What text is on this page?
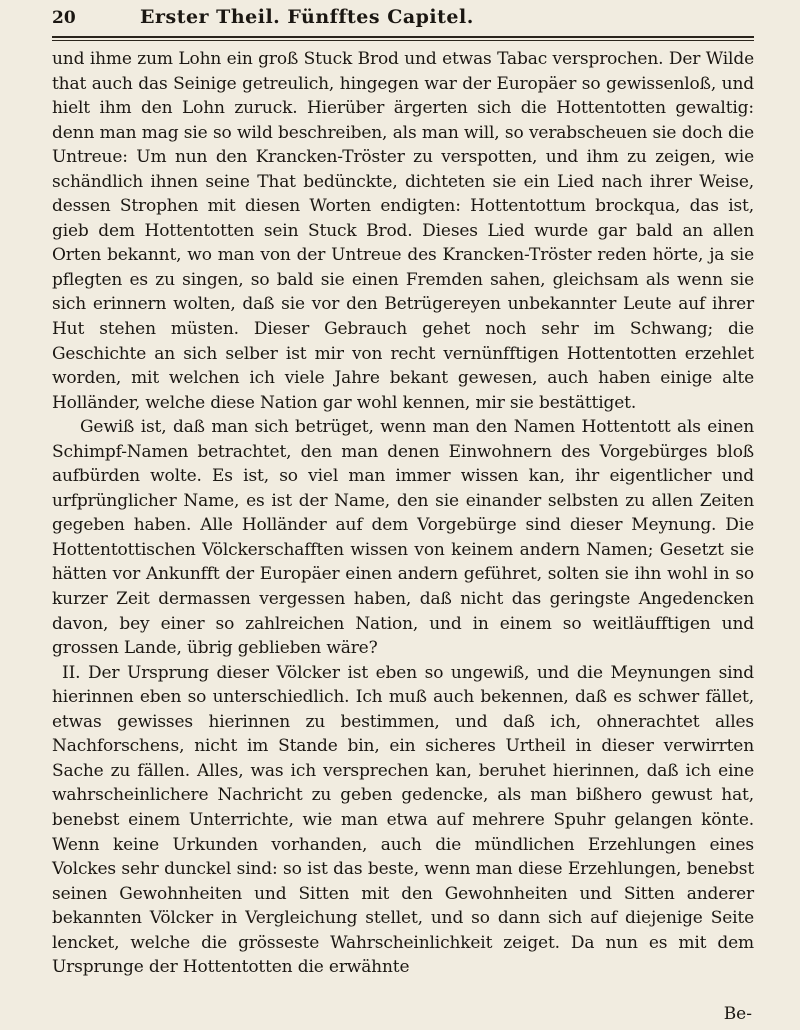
20	Erster Theil. Fünfftes Capitel.

und ihme zum Lohn ein groß Stuck Brod und etwas Tabac versprochen. Der Wilde that auch das Seinige getreulich, hingegen war der Europäer so gewissenloß, und hielt ihm den Lohn zuruck. Hierüber ärgerten sich die Hottentotten gewaltig: denn man mag sie so wild beschreiben, als man will, so verabscheuen sie doch die Untreue: Um nun den Krancken-Tröster zu verspotten, und ihm zu zeigen, wie schändlich ihnen seine That bedünckte, dichteten sie ein Lied nach ihrer Weise, dessen Strophen mit diesen Worten endigten: Hottentottum brockqua, das ist, gieb dem Hottentotten sein Stuck Brod. Dieses Lied wurde gar bald an allen Orten bekannt, wo man von der Untreue des Krancken-Tröster reden hörte, ja sie pflegten es zu singen, so bald sie einen Fremden sahen, gleichsam als wenn sie sich erinnern wolten, daß sie vor den Betrügereyen unbekannter Leute auf ihrer Hut stehen müsten. Dieser Gebrauch gehet noch sehr im Schwang; die Geschichte an sich selber ist mir von recht vernünfftigen Hottentotten erzehlet worden, mit welchen ich viele Jahre bekant gewesen, auch haben einige alte Holländer, welche diese Nation gar wohl kennen, mir sie bestättiget.

Gewiß ist, daß man sich betrüget, wenn man den Namen Hottentott als einen Schimpf-Namen betrachtet, den man denen Einwohnern des Vorgebürges bloß aufbürden wolte. Es ist, so viel man immer wissen kan, ihr eigentlicher und urfprünglicher Name, es ist der Name, den sie einander selbsten zu allen Zeiten gegeben haben. Alle Holländer auf dem Vorgebürge sind dieser Meynung. Die Hottentottischen Völckerschafften wissen von keinem andern Namen; Gesetzt sie hätten vor Ankunfft der Europäer einen andern geführet, solten sie ihn wohl in so kurzer Zeit dermassen vergessen haben, daß nicht das geringste Angedencken davon, bey einer so zahlreichen Nation, und in einem so weitläufftigen und grossen Lande, übrig geblieben wäre?

II. Der Ursprung dieser Völcker ist eben so ungewiß, und die Meynungen sind hierinnen eben so unterschiedlich. Ich muß auch bekennen, daß es schwer fället, etwas gewisses hierinnen zu bestimmen, und daß ich, ohnerachtet alles Nachforschens, nicht im Stande bin, ein sicheres Urtheil in dieser verwirrten Sache zu fällen. Alles, was ich versprechen kan, beruhet hierinnen, daß ich eine wahrscheinlichere Nachricht zu geben gedencke, als man bißhero gewust hat, benebst einem Unterrichte, wie man etwa auf mehrere Spuhr gelangen könte. Wenn keine Urkunden vorhanden, auch die mündlichen Erzehlungen eines Volckes sehr dunckel sind: so ist das beste, wenn man diese Erzehlungen, benebst seinen Gewohnheiten und Sitten mit den Gewohnheiten und Sitten anderer bekannten Völcker in Vergleichung stellet, und so dann sich auf diejenige Seite lencket, welche die grösseste Wahrscheinlichkeit zeiget. Da nun es mit dem Ursprunge der Hottentotten die erwähnte

Be-
